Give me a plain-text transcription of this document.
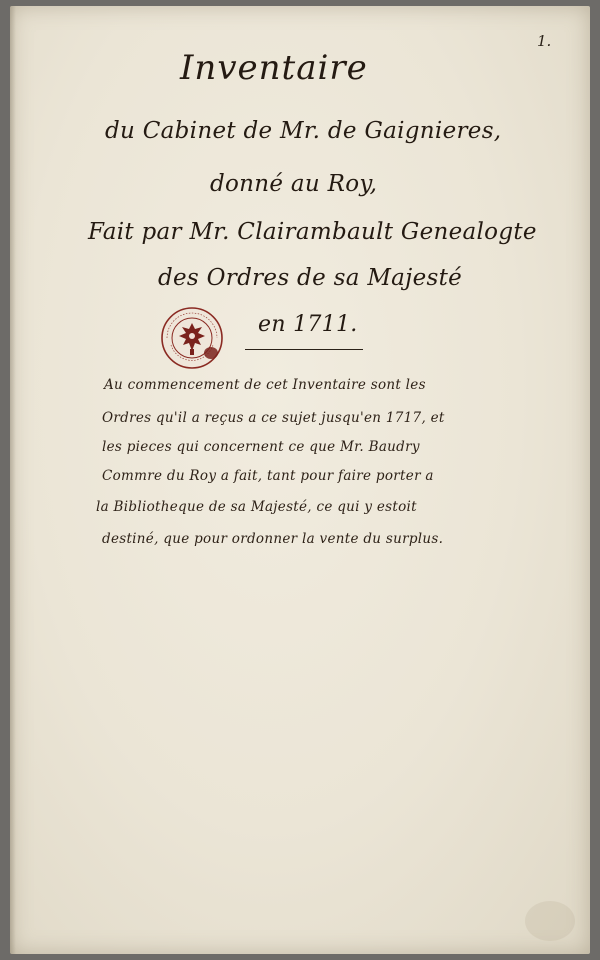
1.
Inventaire
du Cabinet de Mr. de Gaignieres,
donné au Roy,
Fait par Mr. Clairambault Genealogte
des Ordres de sa Majesté
en 1711.
Au commencement de cet Inventaire sont les
Ordres qu'il a reçus a ce sujet jusqu'en 1717, et
les pieces qui concernent ce que Mr. Baudry
Commre du Roy a fait, tant pour faire porter a
la Bibliotheque de sa Majesté, ce qui y estoit
destiné, que pour ordonner la vente du surplus.
